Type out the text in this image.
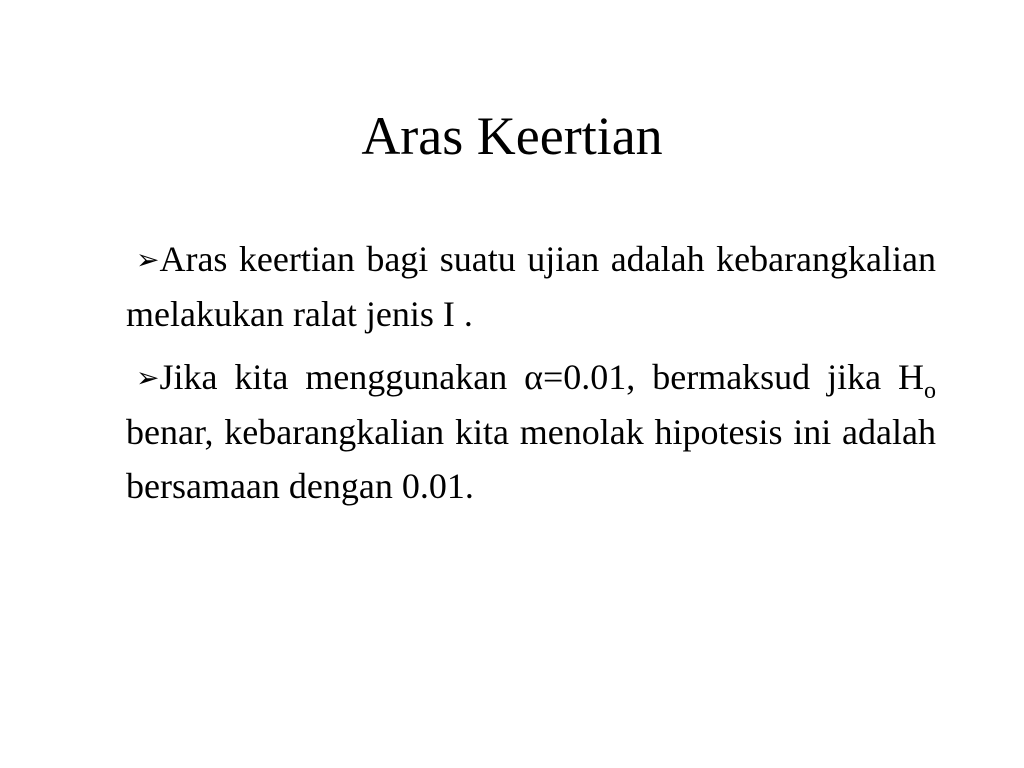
Aras Keertian

➢Aras keertian bagi suatu ujian adalah kebarangkalian melakukan ralat jenis I .

➢Jika kita menggunakan α=0.01, bermaksud jika $H_o$ benar, kebarangkalian kita menolak hipotesis ini adalah bersamaan dengan 0.01.
